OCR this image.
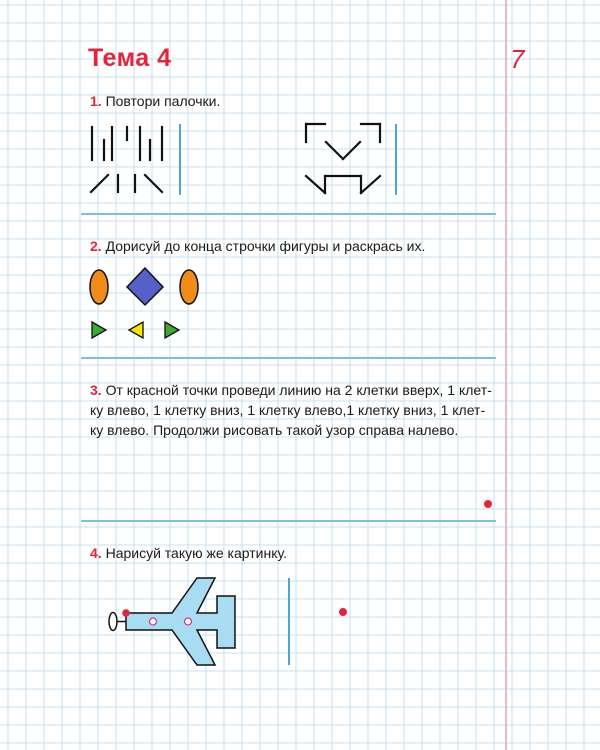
Тема 4	7
1. Повтори палочки.
2. Дорисуй до конца строчки фигуры и раскрась их.
3. От красной точки проведи линию на 2 клетки вверх, 1 клет-
ку влево, 1 клетку вниз, 1 клетку влево,1 клетку вниз, 1 клет-
ку влево. Продолжи рисовать такой узор справа налево.
4. Нарисуй такую же картинку.
